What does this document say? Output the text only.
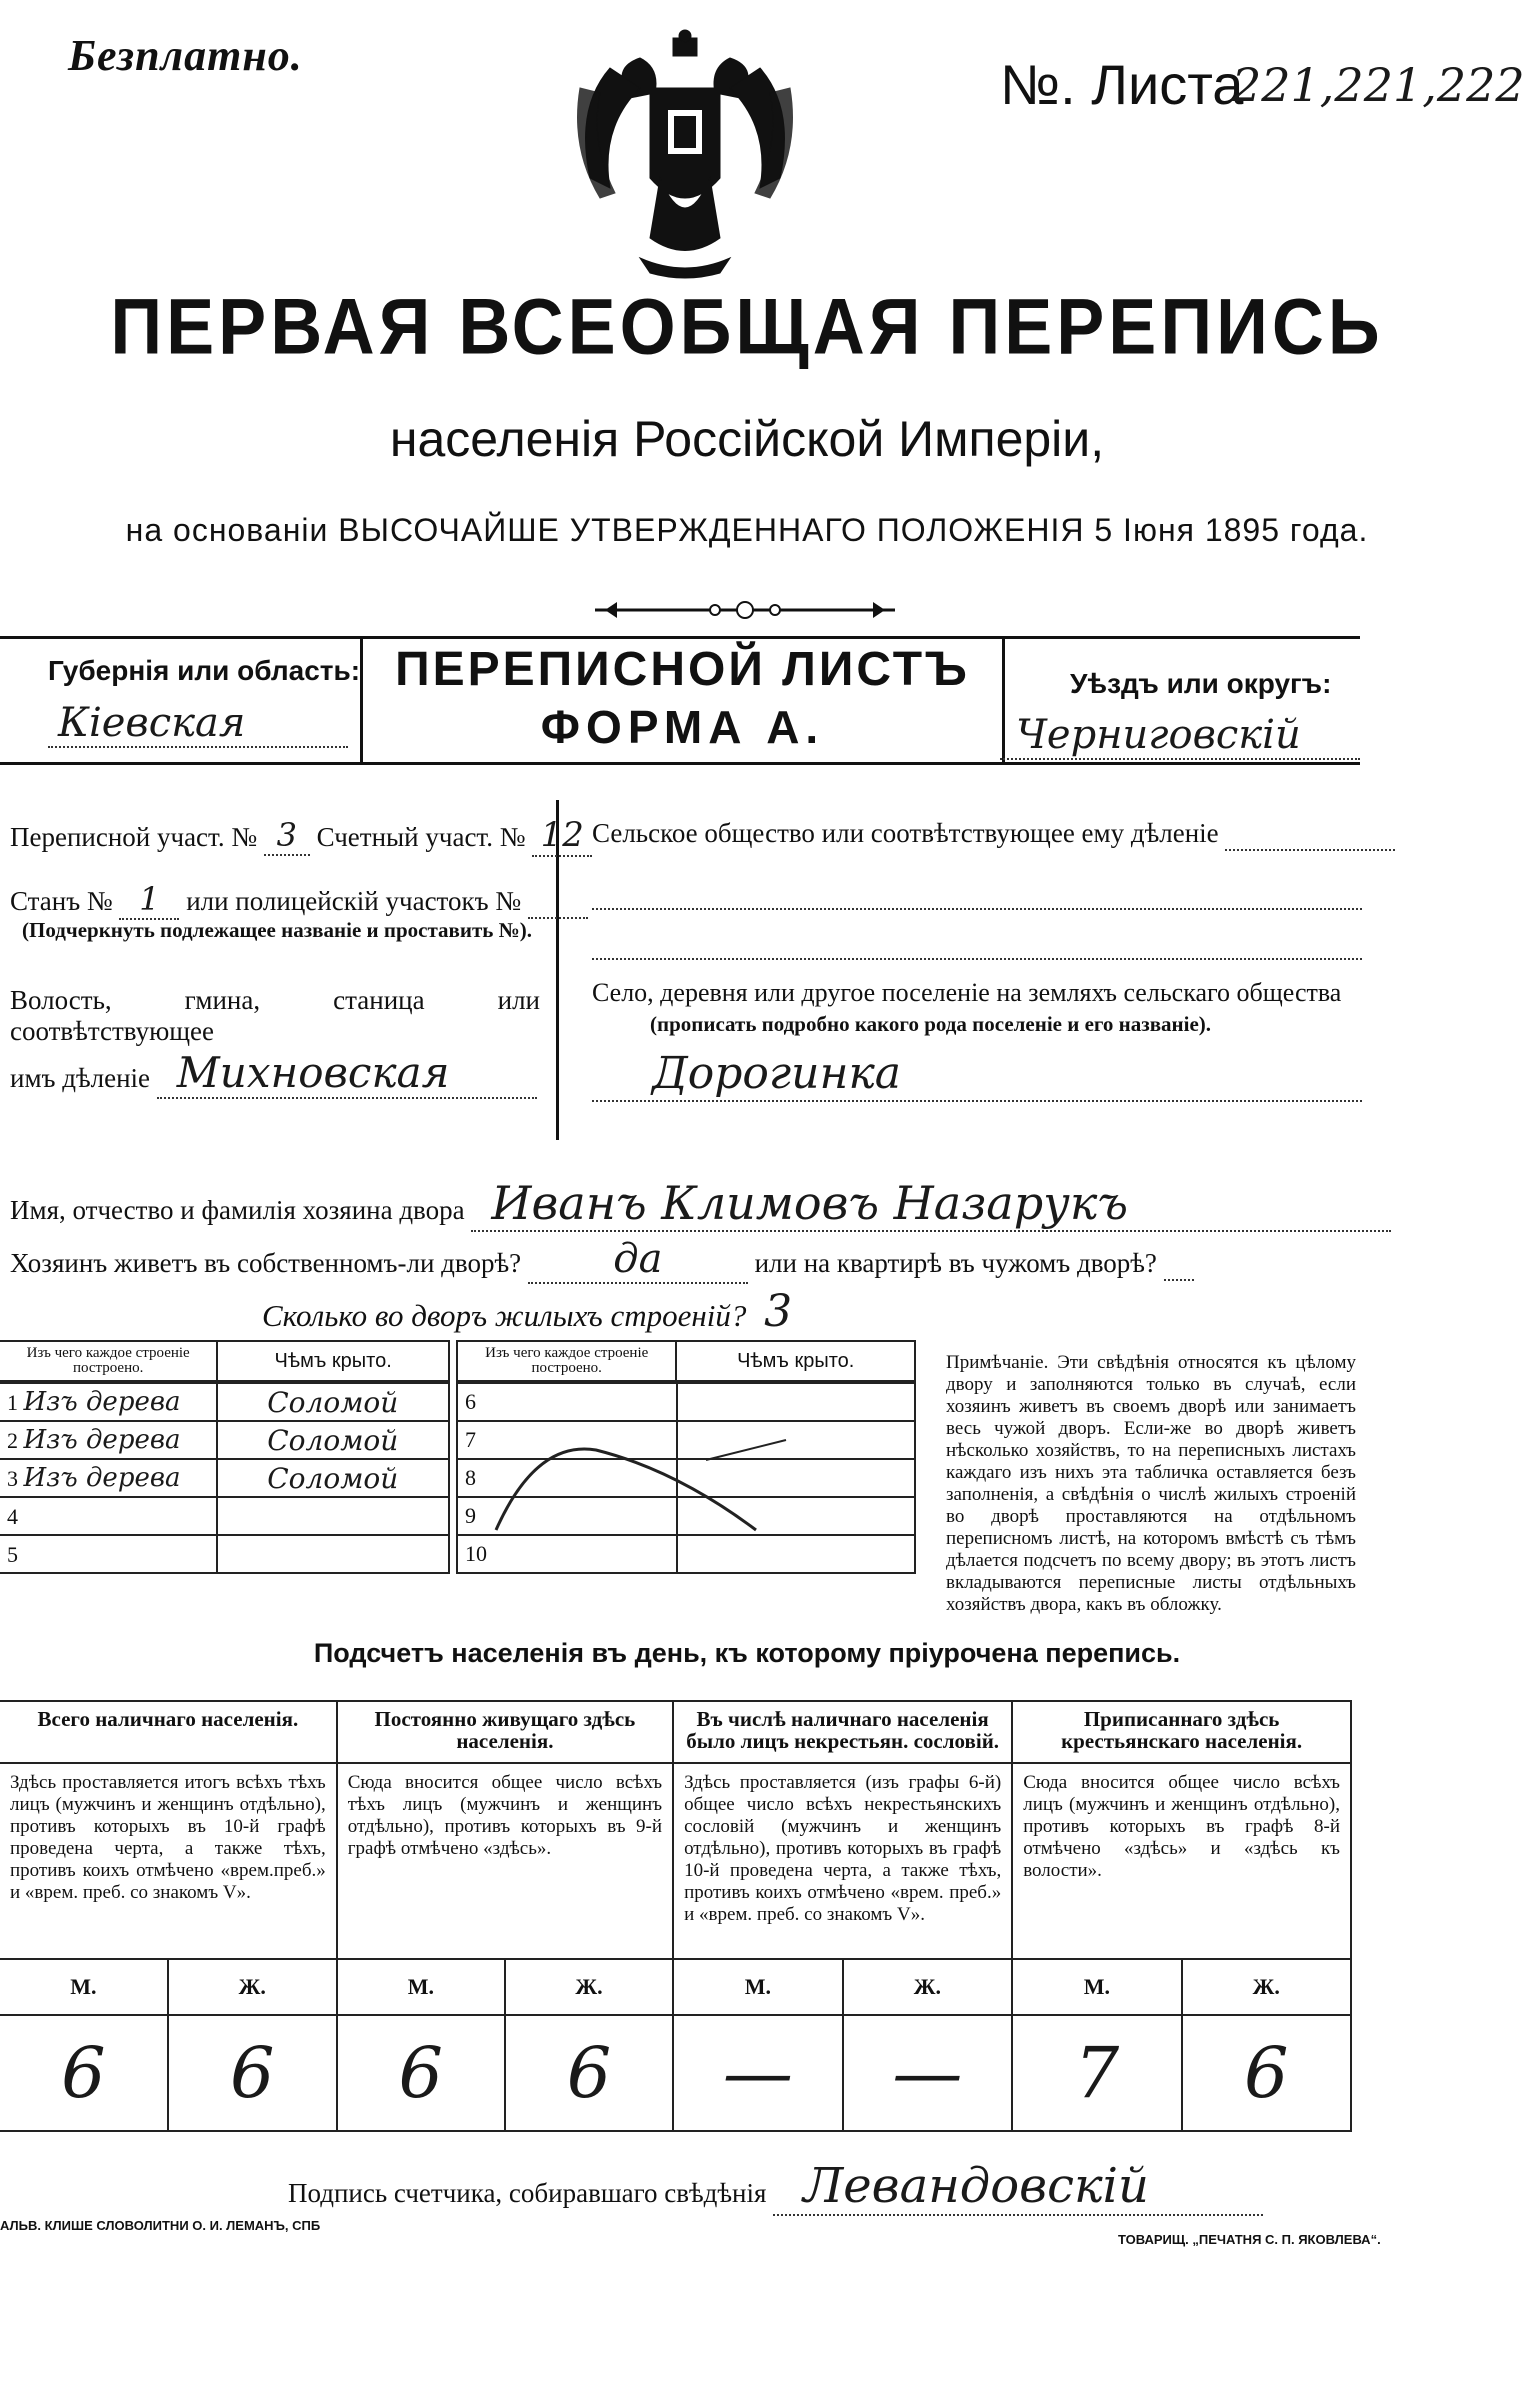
Безплатно.	№. Листа
221,221,222
ПЕРВАЯ ВСЕОБЩАЯ ПЕРЕПИСЬ
населенія Россійской Имперіи,
на основаніи ВЫСОЧАЙШЕ УТВЕРЖДЕННАГО ПОЛОЖЕНІЯ 5 Іюня 1895 года.
Губернія или область:
Кіевская
ПЕРЕПИСНОЙ ЛИСТЪ
ФОРМА А.
Уѣздъ или округъ:
Черниговскій
Переписной участ. № 3 Счетный участ. № 12
Станъ № 1 или полицейскій участокъ №
(Подчеркнуть подлежащее названіе и проставить №).
Волость, гмина, станица или соотвѣтствующее
имъ дѣленіе Михновская
Сельское общество или соотвѣтствующее ему дѣленіе
Село, деревня или другое поселеніе на земляхъ сельскаго общества
(прописать подробно какого рода поселеніе и его названіе).
Дорогинка
Имя, отчество и фамилія хозяина двора Иванъ Климовъ Назарукъ
Хозяинъ живетъ въ собственномъ-ли дворѣ? да	или на квартирѣ въ чужомъ дворѣ?
Сколько во дворъ жилыхъ строеній? 3
Изъ чего каждое строеніе построено.	Чѣмъ крыто.
1 Изъ дерева	Соломой
2 Изъ дерева	Соломой
3 Изъ дерева	Соломой
4	
5	
Изъ чего каждое строеніе построено.	Чѣмъ крыто.
6	
7	
8	
9	
10	
Примѣчаніе. Эти свѣдѣнія относятся къ цѣлому двору и заполняются только въ случаѣ, если хозяинъ живетъ въ своемъ дворѣ или занимаетъ весь чужой дворъ. Если-же во дворѣ живетъ нѣсколько хозяйствъ, то на переписныхъ листахъ каждаго изъ нихъ эта табличка оставляется безъ заполненія, а свѣдѣнія о числѣ жилыхъ строеній во дворѣ проставляются на отдѣльномъ переписномъ листѣ, на которомъ вмѣстѣ съ тѣмъ дѣлается подсчетъ по всему двору; въ этотъ листъ вкладываются переписные листы отдѣльныхъ хозяйствъ двора, какъ въ обложку.
Подсчетъ населенія въ день, къ которому пріурочена перепись.
Всего наличнаго населенія.		Постоянно живущаго здѣсь населенія.		Въ числѣ наличнаго населенія было лицъ некрестьян. сословій.		Приписаннаго здѣсь крестьянскаго населенія.	
Здѣсь проставляется итогъ всѣхъ тѣхъ лицъ (мужчинъ и женщинъ отдѣльно), противъ которыхъ въ 10-й графѣ проведена черта, а также тѣхъ, противъ коихъ отмѣчено «врем.преб.» и «врем. преб. со знакомъ V».		Сюда вносится общее число всѣхъ тѣхъ лицъ (мужчинъ и женщинъ отдѣльно), противъ которыхъ въ 9-й графѣ отмѣчено «здѣсь».		Здѣсь проставляется (изъ графы 6-й) общее число всѣхъ некрестьянскихъ сословій (мужчинъ и женщинъ отдѣльно), противъ которыхъ въ графѣ 10-й проведена черта, а также тѣхъ, противъ коихъ отмѣчено «врем. преб.» и «врем. преб. со знакомъ V».		Сюда вносится общее число всѣхъ лицъ (мужчинъ и женщинъ отдѣльно), противъ которыхъ въ графѣ 8-й отмѣчено «здѣсь» и «здѣсь къ волости».	
М.	Ж.	М.	Ж.	М.	Ж.	М.	Ж.
6	6	6	6	—	—	7	6
Подпись счетчика, собиравшаго свѣдѣнія Левандовскій
АЛЬВ. КЛИШЕ СЛОВОЛИТНИ О. И. ЛЕМАНЪ, СПБ
ТОВАРИЩ. „ПЕЧАТНЯ С. П. ЯКОВЛЕВА“.
